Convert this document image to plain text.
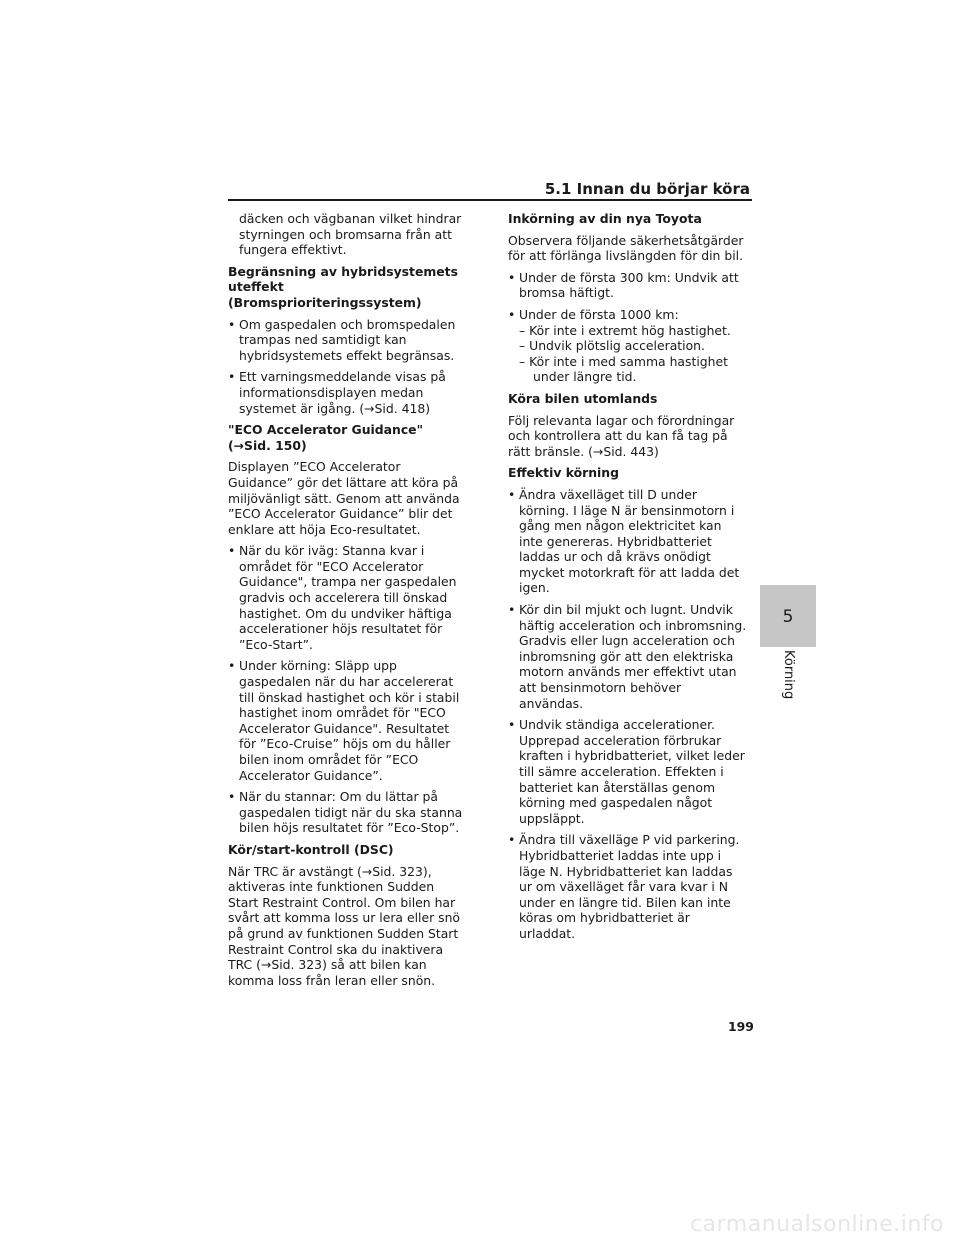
5.1 Innan du börjar köra

däcken och vägbanan vilket hindrar styrningen och bromsarna från att fungera effektivt.

Begränsning av hybridsystemets uteffekt (Bromsprioriteringssystem)
• Om gaspedalen och bromspedalen trampas ned samtidigt kan hybridsystemets effekt begränsas.
• Ett varningsmeddelande visas på informationsdisplayen medan systemet är igång. (→Sid. 418)
"ECO Accelerator Guidance" (→Sid. 150)

Displayen ”ECO Accelerator Guidance” gör det lättare att köra på miljövänligt sätt. Genom att använda ”ECO Accelerator Guidance” blir det enklare att höja Eco-resultatet.

• När du kör iväg: Stanna kvar i området för "ECO Accelerator Guidance", trampa ner gaspedalen gradvis och accelerera till önskad hastighet. Om du undviker häftiga accelerationer höjs resultatet för ”Eco-Start”.
• Under körning: Släpp upp gaspedalen när du har accelererat till önskad hastighet och kör i stabil hastighet inom området för "ECO Accelerator Guidance". Resultatet för ”Eco-Cruise” höjs om du håller bilen inom området för ”ECO Accelerator Guidance”.
• När du stannar: Om du lättar på gaspedalen tidigt när du ska stanna bilen höjs resultatet för ”Eco-Stop”.
Kör/start-kontroll (DSC)

När TRC är avstängt (→Sid. 323), aktiveras inte funktionen Sudden Start Restraint Control. Om bilen har svårt att komma loss ur lera eller snö på grund av funktionen Sudden Start Restraint Control ska du inaktivera TRC (→Sid. 323) så att bilen kan komma loss från leran eller snön.

Inkörning av din nya Toyota

Observera följande säkerhetsåtgärder för att förlänga livslängden för din bil.

• Under de första 300 km: Undvik att bromsa häftigt.
• Under de första 1000 km:
– Kör inte i extremt hög hastighet.
– Undvik plötslig acceleration.
– Kör inte i med samma hastighet under längre tid.
Köra bilen utomlands

Följ relevanta lagar och förordningar och kontrollera att du kan få tag på rätt bränsle. (→Sid. 443)

Effektiv körning
• Ändra växelläget till D under körning. I läge N är bensinmotorn i gång men någon elektricitet kan inte genereras. Hybridbatteriet laddas ur och då krävs onödigt mycket motorkraft för att ladda det igen.
• Kör din bil mjukt och lugnt. Undvik häftig acceleration och inbromsning. Gradvis eller lugn acceleration och inbromsning gör att den elektriska motorn används mer effektivt utan att bensinmotorn behöver användas.
• Undvik ständiga accelerationer. Upprepad acceleration förbrukar kraften i hybridbatteriet, vilket leder till sämre acceleration. Effekten i batteriet kan återställas genom körning med gaspedalen något uppsläppt.
• Ändra till växelläge P vid parkering. Hybridbatteriet laddas inte upp i läge N. Hybridbatteriet kan laddas ur om växelläget får vara kvar i N under en längre tid. Bilen kan inte köras om hybridbatteriet är urladdat.
5
Körning
199
carmanualsonline.info
